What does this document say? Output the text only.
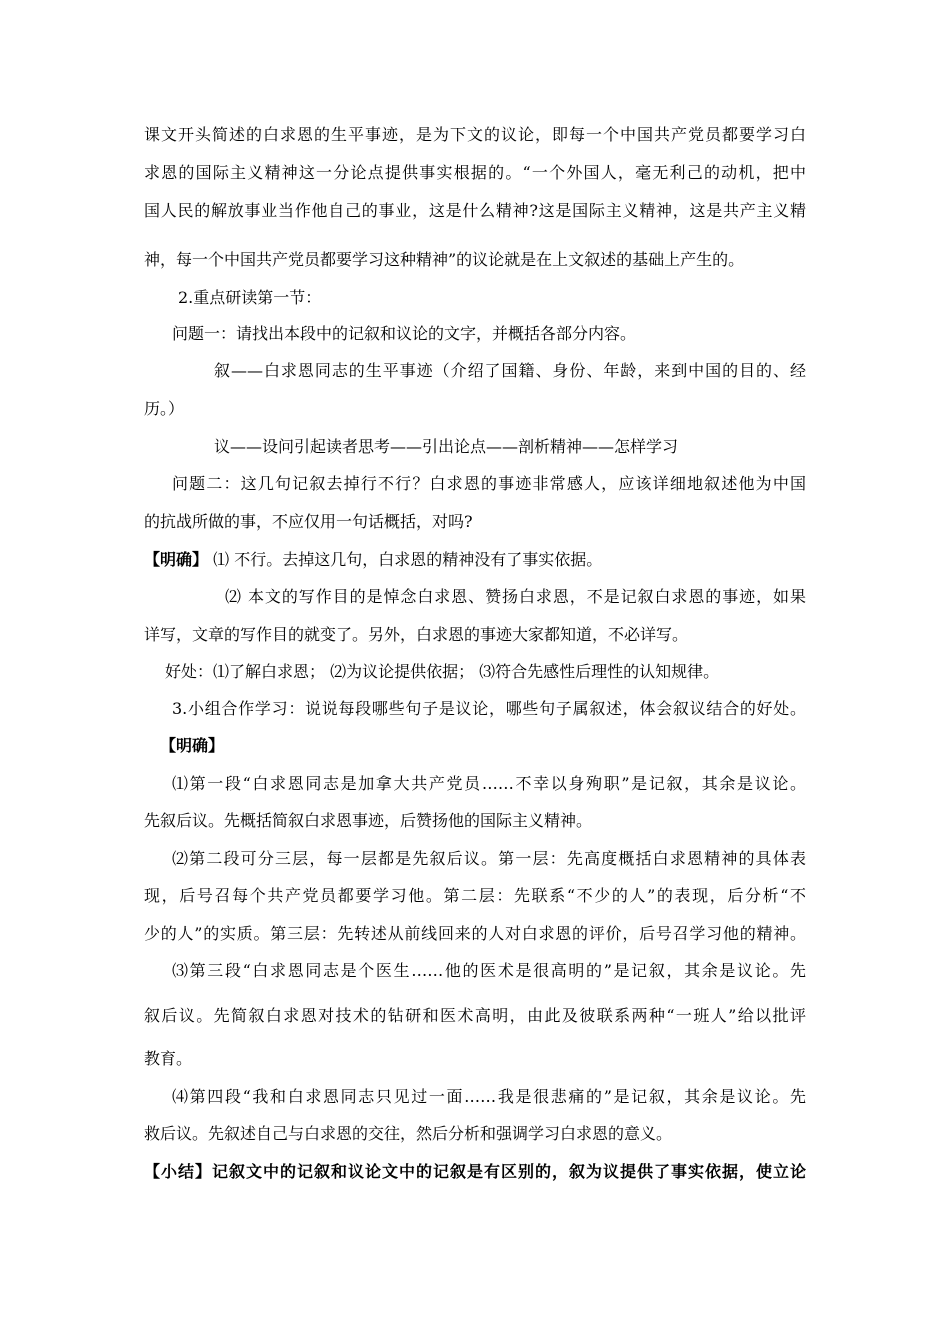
课文开头简述的白求恩的生平事迹，是为下文的议论，即每一个中国共产党员都要学习白
求恩的国际主义精神这一分论点提供事实根据的。“一个外国人，毫无利己的动机，把中
国人民的解放事业当作他自己的事业，这是什么精神?这是国际主义精神，这是共产主义精
神，每一个中国共产党员都要学习这种精神”的议论就是在上文叙述的基础上产生的。
2.重点研读第一节：
问题一：请找出本段中的记叙和议论的文字，并概括各部分内容。
叙——白求恩同志的生平事迹（介绍了国籍、身份、年龄，来到中国的目的、经
历。）
议——设问引起读者思考——引出论点——剖析精神——怎样学习
问题二：这几句记叙去掉行不行？白求恩的事迹非常感人，应该详细地叙述他为中国
的抗战所做的事，不应仅用一句话概括，对吗?
【明确】 ⑴ 不行。去掉这几句，白求恩的精神没有了事实依据。
⑵ 本文的写作目的是悼念白求恩、赞扬白求恩，不是记叙白求恩的事迹，如果
详写，文章的写作目的就变了。另外，白求恩的事迹大家都知道，不必详写。
好处：⑴了解白求恩； ⑵为议论提供依据； ⑶符合先感性后理性的认知规律。
3.小组合作学习：说说每段哪些句子是议论，哪些句子属叙述，体会叙议结合的好处。
【明确】
⑴第一段“白求恩同志是加拿大共产党员……不幸以身殉职”是记叙，其余是议论。
先叙后议。先概括简叙白求恩事迹，后赞扬他的国际主义精神。
⑵第二段可分三层，每一层都是先叙后议。第一层：先高度概括白求恩精神的具体表
现，后号召每个共产党员都要学习他。第二层：先联系“不少的人”的表现，后分析“不
少的人”的实质。第三层：先转述从前线回来的人对白求恩的评价，后号召学习他的精神。
⑶第三段“白求恩同志是个医生……他的医术是很高明的”是记叙，其余是议论。先
叙后议。先简叙白求恩对技术的钻研和医术高明，由此及彼联系两种“一班人”给以批评
教育。
⑷第四段“我和白求恩同志只见过一面……我是很悲痛的”是记叙，其余是议论。先
救后议。先叙述自己与白求恩的交往，然后分析和强调学习白求恩的意义。
【小结】记叙文中的记叙和议论文中的记叙是有区别的，叙为议提供了事实依据，使立论
